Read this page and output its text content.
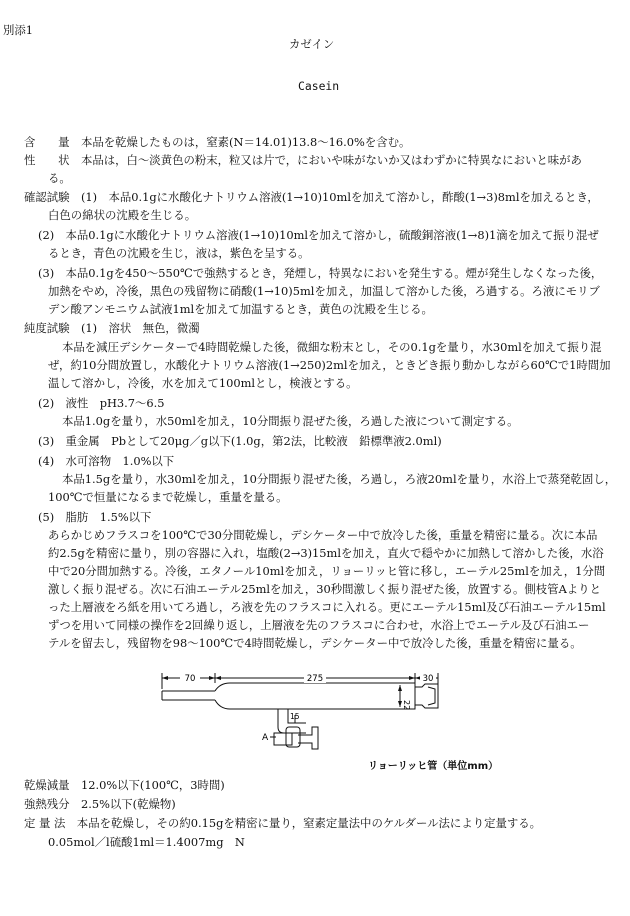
別添1
カゼイン
Casein
含　　量　本品を乾燥したものは，窒素(N＝14.01)13.8～16.0%を含む。
性　　状　本品は，白～淡黄色の粉末，粒又は片で，においや味がないか又はわずかに特異なにおいと味があ
る。
確認試験　(1)　本品0.1gに水酸化ナトリウム溶液(1→10)10mlを加えて溶かし，酢酸(1→3)8mlを加えるとき，
白色の綿状の沈殿を生じる。
(2)　本品0.1gに水酸化ナトリウム溶液(1→10)10mlを加えて溶かし，硫酸銅溶液(1→8)1滴を加えて振り混ぜ
るとき，青色の沈殿を生じ，液は，紫色を呈する。
(3)　本品0.1gを450～550℃で強熱するとき，発煙し，特異なにおいを発生する。煙が発生しなくなった後，
加熱をやめ，冷後，黒色の残留物に硝酸(1→10)5mlを加え，加温して溶かした後，ろ過する。ろ液にモリブ
デン酸アンモニウム試液1mlを加えて加温するとき，黄色の沈殿を生じる。
純度試験　(1)　溶状　無色，微濁
本品を減圧デシケーターで4時間乾燥した後，微細な粉末とし，その0.1gを量り，水30mlを加えて振り混
ぜ，約10分間放置し，水酸化ナトリウム溶液(1→250)2mlを加え，ときどき振り動かしながら60℃で1時間加
温して溶かし，冷後，水を加えて100mlとし，検液とする。
(2)　液性　pH3.7～6.5
本品1.0gを量り，水50mlを加え，10分間振り混ぜた後，ろ過した液について測定する。
(3)　重金属　Pbとして20μg／g以下(1.0g，第2法，比較液　鉛標準液2.0ml)
(4)　水可溶物　1.0%以下
本品1.5gを量り，水30mlを加え，10分間振り混ぜた後，ろ過し，ろ液20mlを量り，水浴上で蒸発乾固し，
100℃で恒量になるまで乾燥し，重量を量る。
(5)　脂肪　1.5%以下
あらかじめフラスコを100℃で30分間乾燥し，デシケーター中で放冷した後，重量を精密に量る。次に本品
約2.5gを精密に量り，別の容器に入れ，塩酸(2→3)15mlを加え，直火で穏やかに加熱して溶かした後，水浴
中で20分間加熱する。冷後，エタノール10mlを加え，リョーリッヒ管に移し，エーテル25mlを加え，1分間
激しく振り混ぜる。次に石油エーテル25mlを加え，30秒間激しく振り混ぜた後，放置する。側枝管Aよりと
った上層液をろ紙を用いてろ過し，ろ液を先のフラスコに入れる。更にエーテル15ml及び石油エーテル15ml
ずつを用いて同様の操作を2回繰り返し，上層液を先のフラスコに合わせ，水浴上でエーテル及び石油エー
テルを留去し，残留物を98～100℃で4時間乾燥し，デシケーター中で放冷した後，重量を精密に量る。
70	275	30
22
15
A
リョーリッヒ管（単位mm）
乾燥減量　12.0%以下(100℃，3時間)
強熱残分　2.5%以下(乾燥物)
定 量 法　本品を乾燥し，その約0.15gを精密に量り，窒素定量法中のケルダール法により定量する。
0.05mol／l硫酸1ml＝1.4007mg　N
